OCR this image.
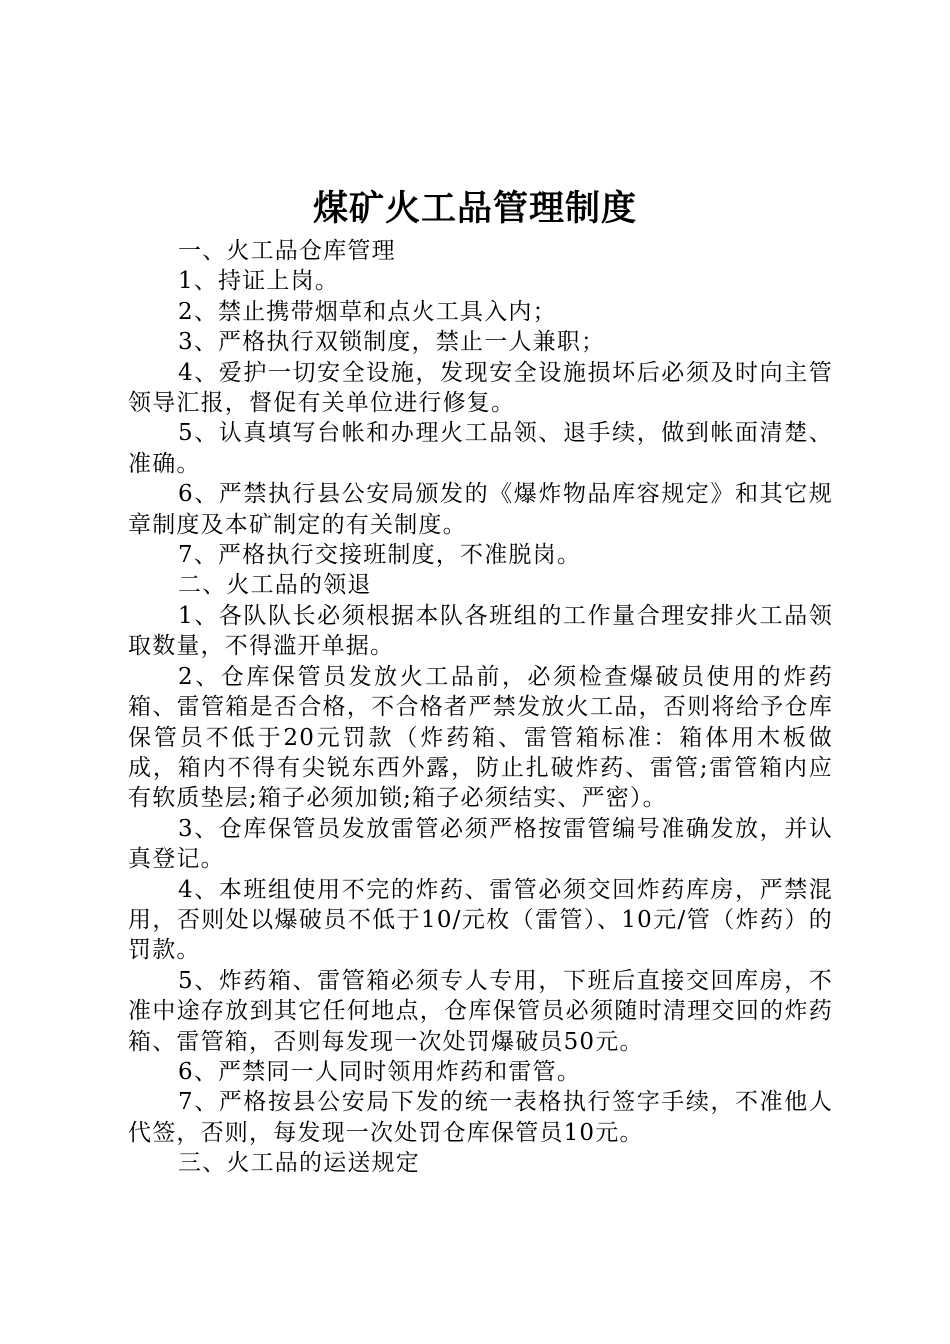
煤矿火工品管理制度

一、火工品仓库管理

1、持证上岗。

2、禁止携带烟草和点火工具入内；

3、严格执行双锁制度，禁止一人兼职；

4、爱护一切安全设施，发现安全设施损坏后必须及时向主管领导汇报，督促有关单位进行修复。

5、认真填写台帐和办理火工品领、退手续，做到帐面清楚、准确。

6、严禁执行县公安局颁发的《爆炸物品库容规定》和其它规章制度及本矿制定的有关制度。

7、严格执行交接班制度，不准脱岗。

二、火工品的领退

1、各队队长必须根据本队各班组的工作量合理安排火工品领取数量，不得滥开单据。

2、仓库保管员发放火工品前，必须检查爆破员使用的炸药箱、雷管箱是否合格，不合格者严禁发放火工品，否则将给予仓库保管员不低于20元罚款（炸药箱、雷管箱标准：箱体用木板做成，箱内不得有尖锐东西外露，防止扎破炸药、雷管;雷管箱内应有软质垫层;箱子必须加锁;箱子必须结实、严密）。

3、仓库保管员发放雷管必须严格按雷管编号准确发放，并认真登记。

4、本班组使用不完的炸药、雷管必须交回炸药库房，严禁混用，否则处以爆破员不低于10/元枚（雷管）、10元/管（炸药）的罚款。

5、炸药箱、雷管箱必须专人专用，下班后直接交回库房，不准中途存放到其它任何地点，仓库保管员必须随时清理交回的炸药箱、雷管箱，否则每发现一次处罚爆破员50元。

6、严禁同一人同时领用炸药和雷管。

7、严格按县公安局下发的统一表格执行签字手续，不准他人代签，否则，每发现一次处罚仓库保管员10元。

三、火工品的运送规定
